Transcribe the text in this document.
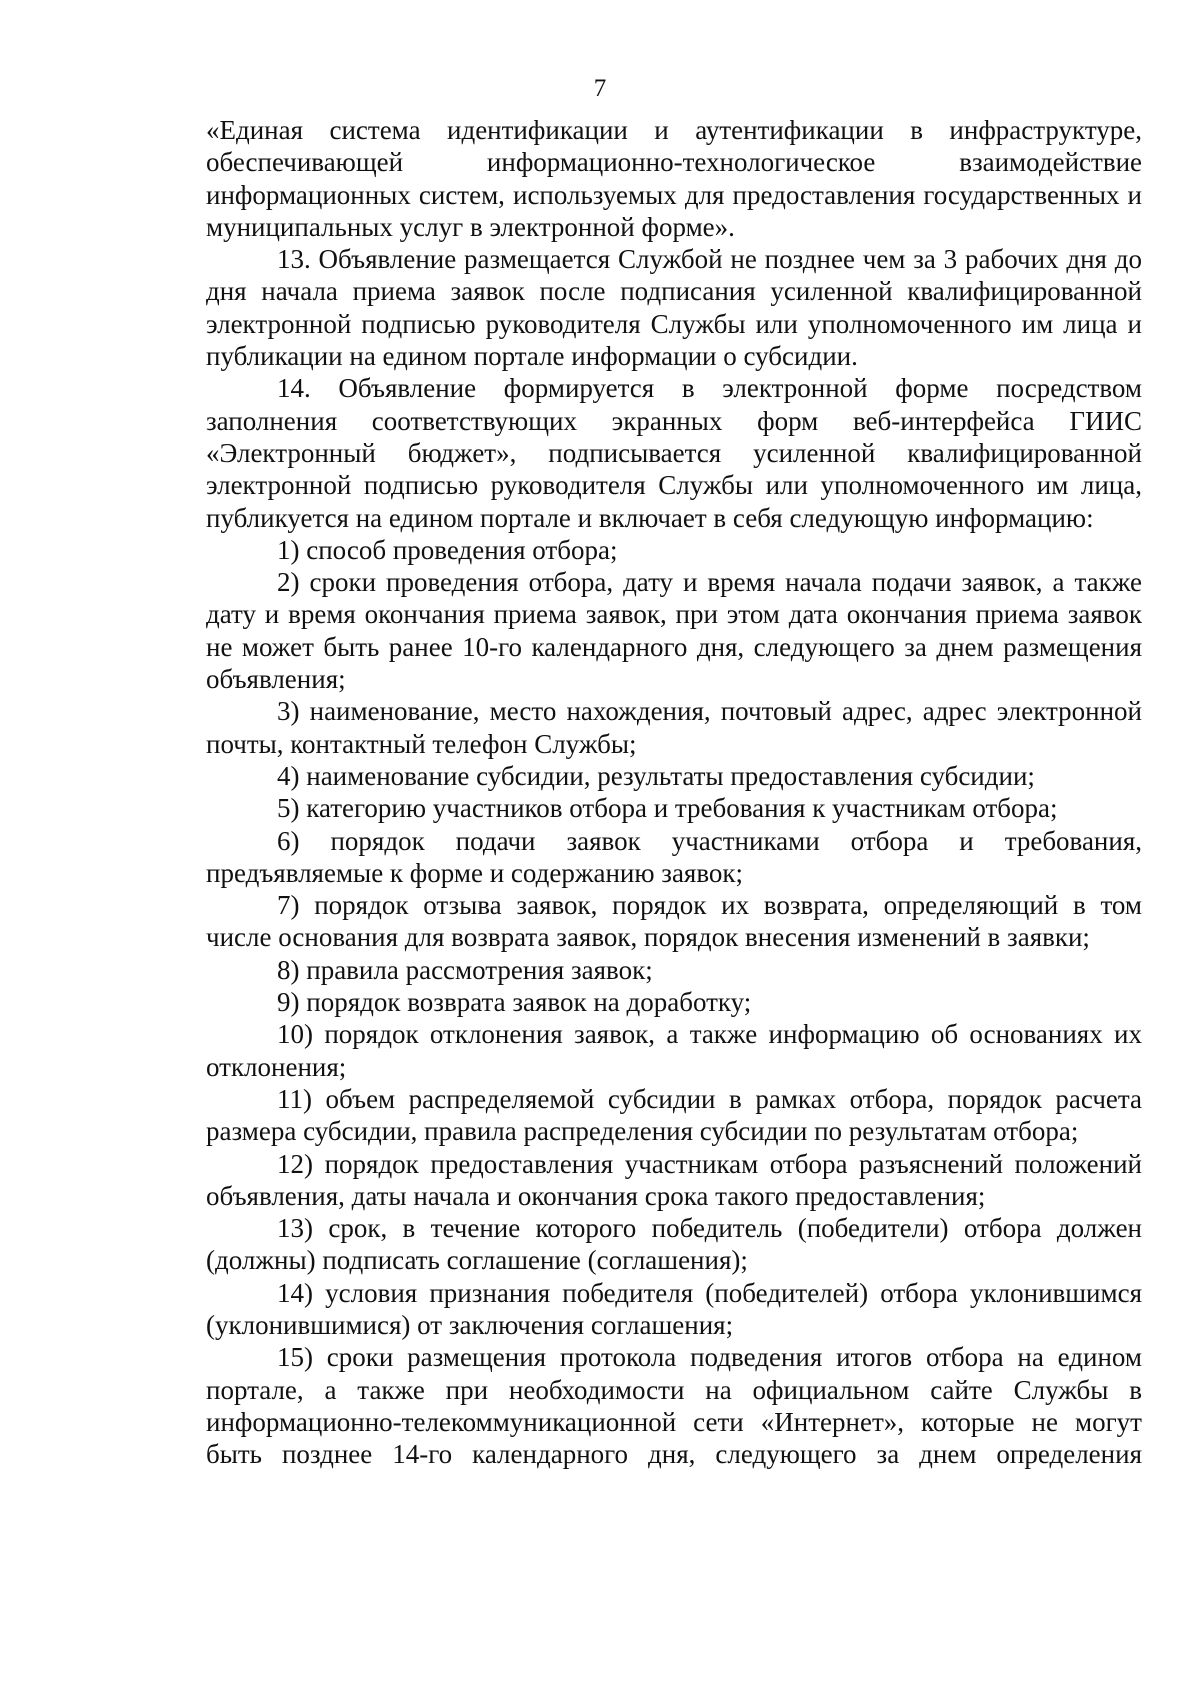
7

«Единая система идентификации и аутентификации в инфраструктуре, обеспечивающей информационно-технологическое взаимодействие информационных систем, используемых для предоставления государственных и муниципальных услуг в электронной форме».

13. Объявление размещается Службой не позднее чем за 3 рабочих дня до дня начала приема заявок после подписания усиленной квалифицированной электронной подписью руководителя Службы или уполномоченного им лица и публикации на едином портале информации о субсидии.

14. Объявление формируется в электронной форме посредством заполнения соответствующих экранных форм веб-интерфейса ГИИС «Электронный бюджет», подписывается усиленной квалифицированной электронной подписью руководителя Службы или уполномоченного им лица, публикуется на едином портале и включает в себя следующую информацию:

1) способ проведения отбора;

2) сроки проведения отбора, дату и время начала подачи заявок, а также дату и время окончания приема заявок, при этом дата окончания приема заявок не может быть ранее 10-го календарного дня, следующего за днем размещения объявления;

3) наименование, место нахождения, почтовый адрес, адрес электронной почты, контактный телефон Службы;

4) наименование субсидии, результаты предоставления субсидии;

5) категорию участников отбора и требования к участникам отбора;

6) порядок подачи заявок участниками отбора и требования, предъявляемые к форме и содержанию заявок;

7) порядок отзыва заявок, порядок их возврата, определяющий в том числе основания для возврата заявок, порядок внесения изменений в заявки;

8) правила рассмотрения заявок;

9) порядок возврата заявок на доработку;

10) порядок отклонения заявок, а также информацию об основаниях их отклонения;

11) объем распределяемой субсидии в рамках отбора, порядок расчета размера субсидии, правила распределения субсидии по результатам отбора;

12) порядок предоставления участникам отбора разъяснений положений объявления, даты начала и окончания срока такого предоставления;

13) срок, в течение которого победитель (победители) отбора должен (должны) подписать соглашение (соглашения);

14) условия признания победителя (победителей) отбора уклонившимся (уклонившимися) от заключения соглашения;

15) сроки размещения протокола подведения итогов отбора на едином портале, а также при необходимости на официальном сайте Службы в информационно-телекоммуникационной сети «Интернет», которые не могут быть позднее 14-го календарного дня, следующего за днем определения
